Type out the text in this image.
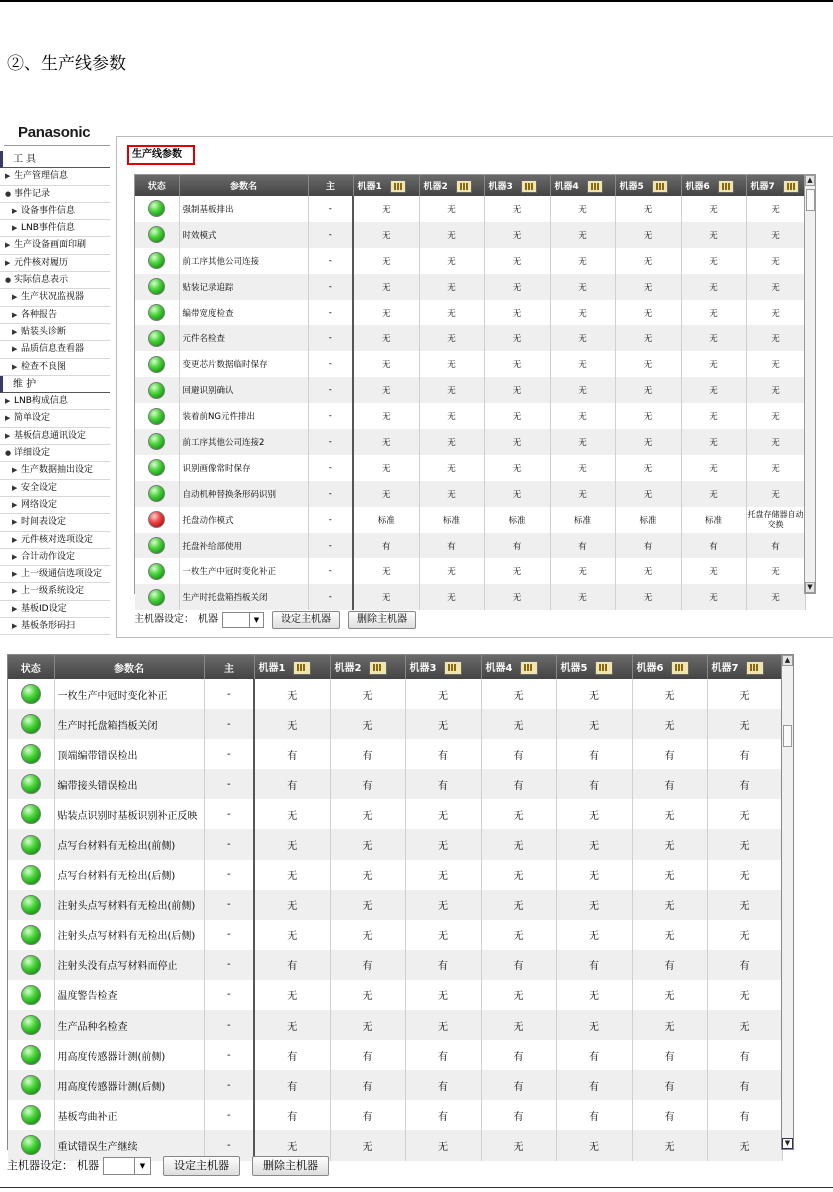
②、生产线参数
Panasonic
工 具
▶ 生产管理信息
● 事件记录
▶ 设备事件信息
▶ LNB事件信息
▶ 生产设备画面印刷
▶ 元件核对履历
● 实际信息表示
▶ 生产状况监视器
▶ 各种报告
▶ 贴装头诊断
▶ 品质信息查看器
▶ 检查不良图
维 护
▶ LNB构成信息
▶ 简单设定
▶ 基板信息通讯设定
● 详细设定
▶ 生产数据抽出设定
▶ 安全设定
▶ 网络设定
▶ 时间表设定
▶ 元件核对选项设定
▶ 合计动作设定
▶ 上一级通信选项设定
▶ 上一级系统设定
▶ 基板ID设定
▶ 基板条形码扫
生产线参数
状态	参数名	主	机器1	机器2	机器3	机器4	机器5	机器6	机器7
	强制基板排出	-	无	无	无	无	无	无	无
	时效模式	-	无	无	无	无	无	无	无
	前工序其他公司连接	-	无	无	无	无	无	无	无
	贴装记录追踪	-	无	无	无	无	无	无	无
	编带宽度检查	-	无	无	无	无	无	无	无
	元件名检查	-	无	无	无	无	无	无	无
	变更芯片数据临时保存	-	无	无	无	无	无	无	无
	回避识别确认	-	无	无	无	无	无	无	无
	装着前NG元件排出	-	无	无	无	无	无	无	无
	前工序其他公司连接2	-	无	无	无	无	无	无	无
	识别画像常时保存	-	无	无	无	无	无	无	无
	自动机种替换条形码识别	-	无	无	无	无	无	无	无
	托盘动作模式	-	标准	标准	标准	标准	标准	标准	托盘存储器自动交换
	托盘补给部使用	-	有	有	有	有	有	有	有
	一枚生产中冠时变化补正	-	无	无	无	无	无	无	无
	生产时托盘箱挡板关闭	-	无	无	无	无	无	无	无
▲
▼
主机器设定： 机器	▼	设定主机器	删除主机器
状态	参数名	主	机器1	机器2	机器3	机器4	机器5	机器6	机器7
	一枚生产中冠时变化补正	-	无	无	无	无	无	无	无
	生产时托盘箱挡板关闭	-	无	无	无	无	无	无	无
	顶端编带错误检出	-	有	有	有	有	有	有	有
	编带接头错误检出	-	有	有	有	有	有	有	有
	贴装点识别时基板识别补正反映	-	无	无	无	无	无	无	无
	点写台材料有无检出(前侧)	-	无	无	无	无	无	无	无
	点写台材料有无检出(后侧)	-	无	无	无	无	无	无	无
	注射头点写材料有无检出(前侧)	-	无	无	无	无	无	无	无
	注射头点写材料有无检出(后侧)	-	无	无	无	无	无	无	无
	注射头没有点写材料而停止	-	有	有	有	有	有	有	有
	温度警告检查	-	无	无	无	无	无	无	无
	生产品种名检查	-	无	无	无	无	无	无	无
	用高度传感器计测(前侧)	-	有	有	有	有	有	有	有
	用高度传感器计测(后侧)	-	有	有	有	有	有	有	有
	基板弯曲补正	-	有	有	有	有	有	有	有
	重试错误生产继续	-	无	无	无	无	无	无	无
▲
▼
主机器设定： 机器	▼	设定主机器	删除主机器
